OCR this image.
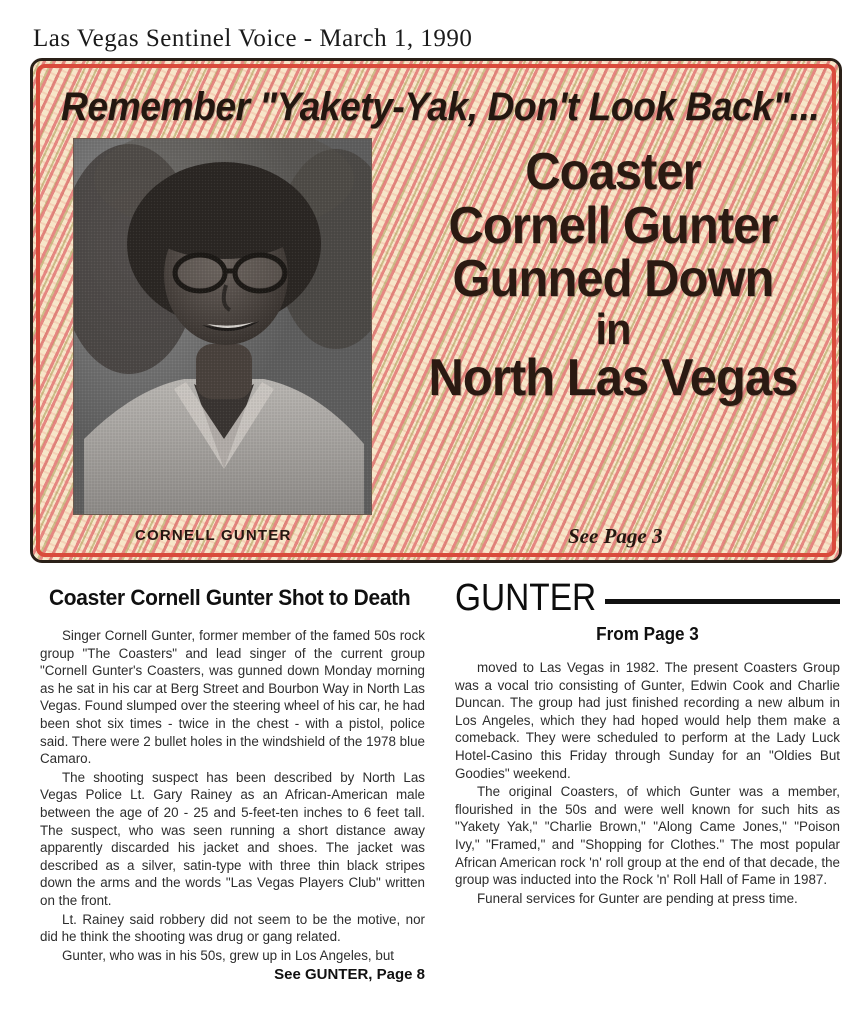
Las Vegas Sentinel Voice - March 1, 1990
Remember "Yakety-Yak, Don't Look Back"...
CORNELL GUNTER	See Page 3
Coaster
Cornell Gunter
Gunned Down
in
North Las Vegas
Coaster Cornell Gunter Shot to Death

Singer Cornell Gunter, former member of the famed 50s rock group "The Coasters" and lead singer of the current group "Cornell Gunter's Coasters, was gunned down Monday morning as he sat in his car at Berg Street and Bourbon Way in North Las Vegas. Found slumped over the steering wheel of his car, he had been shot six times - twice in the chest - with a pistol, police said. There were 2 bullet holes in the windshield of the 1978 blue Camaro.

The shooting suspect has been described by North Las Vegas Police Lt. Gary Rainey as an African-American male between the age of 20 - 25 and 5-feet-ten inches to 6 feet tall. The suspect, who was seen running a short distance away apparently discarded his jacket and shoes. The jacket was described as a silver, satin-type with three thin black stripes down the arms and the words "Las Vegas Players Club" written on the front.

Lt. Rainey said robbery did not seem to be the motive, nor did he think the shooting was drug or gang related.

Gunter, who was in his 50s, grew up in Los Angeles, but

See GUNTER, Page 8
GUNTER
From Page 3

moved to Las Vegas in 1982. The present Coasters Group was a vocal trio consisting of Gunter, Edwin Cook and Charlie Duncan. The group had just finished recording a new album in Los Angeles, which they had hoped would help them make a comeback. They were scheduled to perform at the Lady Luck Hotel-Casino this Friday through Sunday for an "Oldies But Goodies" weekend.

The original Coasters, of which Gunter was a member, flourished in the 50s and were well known for such hits as "Yakety Yak," "Charlie Brown," "Along Came Jones," "Poison Ivy," "Framed," and "Shopping for Clothes." The most popular African American rock 'n' roll group at the end of that decade, the group was inducted into the Rock 'n' Roll Hall of Fame in 1987.

Funeral services for Gunter are pending at press time.
